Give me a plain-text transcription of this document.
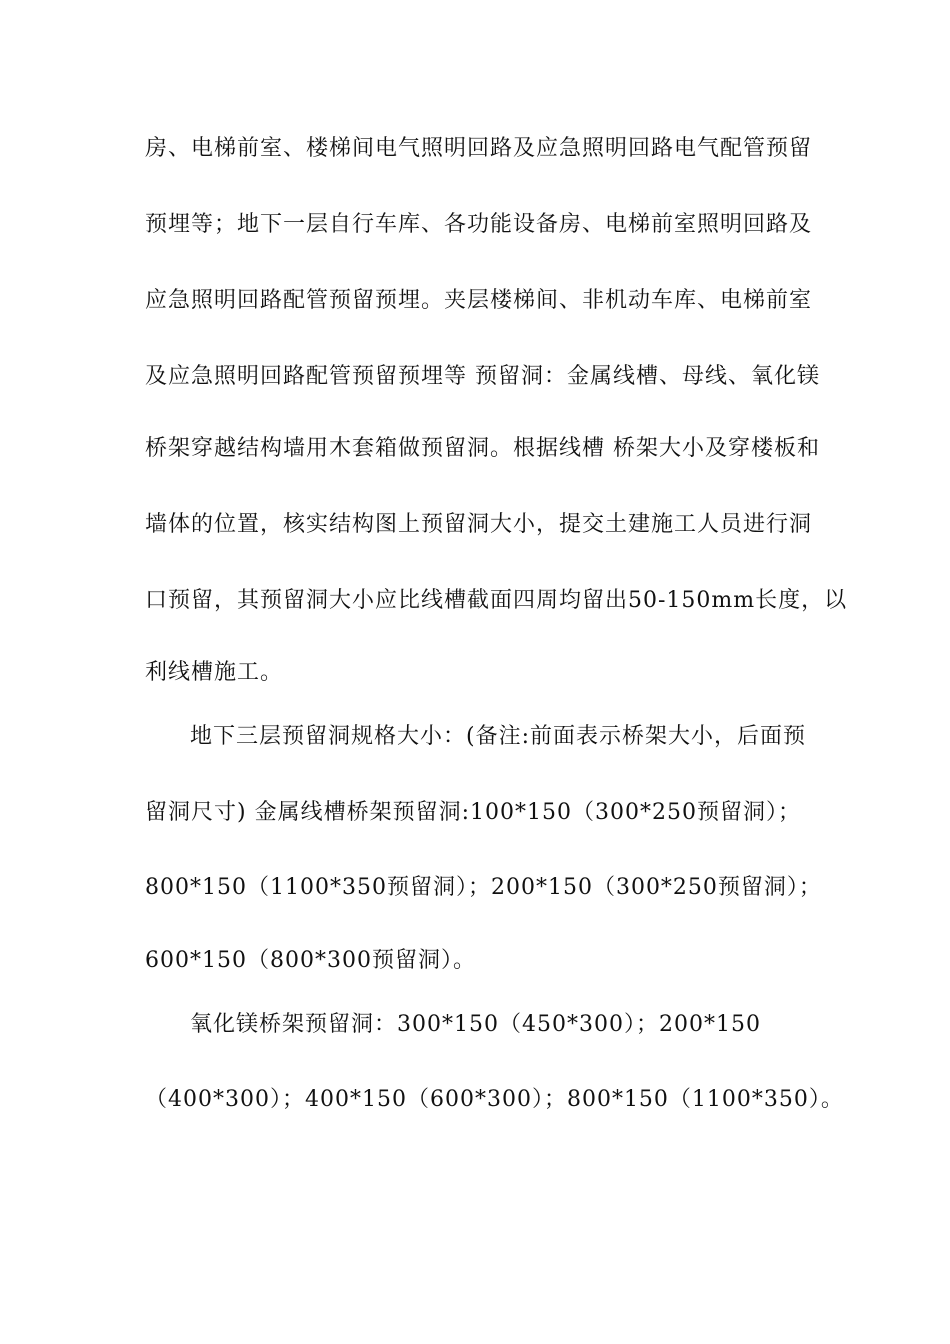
房、电梯前室、楼梯间电气照明回路及应急照明回路电气配管预留
预埋等；地下一层自行车库、各功能设备房、电梯前室照明回路及
应急照明回路配管预留预埋。夹层楼梯间、非机动车库、电梯前室
及应急照明回路配管预留预埋等 预留洞：金属线槽、母线、氧化镁
桥架穿越结构墙用木套箱做预留洞。根据线槽 桥架大小及穿楼板和
墙体的位置，核实结构图上预留洞大小，提交土建施工人员进行洞
口预留，其预留洞大小应比线槽截面四周均留出50-150mm长度，以
利线槽施工。
地下三层预留洞规格大小：(备注:前面表示桥架大小，后面预
留洞尺寸) 金属线槽桥架预留洞:100*150（300*250预留洞）；
800*150（1100*350预留洞）；200*150（300*250预留洞）；
600*150（800*300预留洞）。
氧化镁桥架预留洞：300*150（450*300）；200*150
（400*300）；400*150（600*300）；800*150（1100*350）。
